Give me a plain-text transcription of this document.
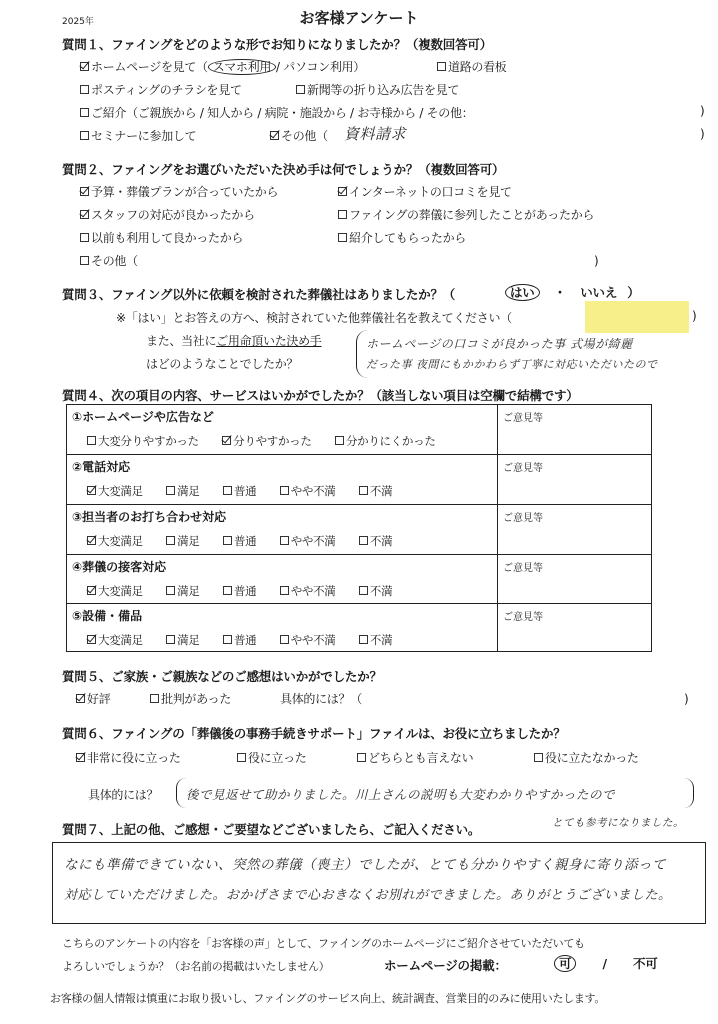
2025年	お客様アンケート
質問１、ファイングをどのような形でお知りになりましたか？（複数回答可）
ホームページを見て（ スマホ利用 / パソコン利用）	道路の看板
ポスティングのチラシを見て	新聞等の折り込み広告を見て
ご紹介（ご親族から / 知人から / 病院・施設から / お寺様から / その他：	)
セミナーに参加して	その他（ 資料請求	)
質問２、ファイングをお選びいただいた決め手は何でしょうか？（複数回答可）
予算・葬儀プランが合っていたから	インターネットの口コミを見て
スタッフの対応が良かったから	ファイングの葬儀に参列したことがあったから
以前も利用して良かったから	紹介してもらったから
その他（	)
質問３、ファイング以外に依頼を検討された葬儀社はありましたか？（	はい ・ いいえ ）
※「はい」とお答えの方へ、検討されていた他葬儀社名を教えてください（	)
また、当社にご用命頂いた決め手
はどのようなことでしたか？
ホームページの口コミが良かった事 式場が綺麗
だった事 夜間にもかかわらず丁寧に対応いただいたので
質問４、次の項目の内容、サービスはいかがでしたか？（該当しない項目は空欄で結構です）
①ホームページや広告など
大変分りやすかった	分りやすかった	分かりにくかった
ご意見等
②電話対応
大変満足	満足	普通	やや不満	不満
ご意見等
③担当者のお打ち合わせ対応
大変満足	満足	普通	やや不満	不満
ご意見等
④葬儀の接客対応
大変満足	満足	普通	やや不満	不満
ご意見等
⑤設備・備品
大変満足	満足	普通	やや不満	不満
ご意見等
質問５、ご家族・ご親族などのご感想はいかがでしたか？
好評	批判があった	具体的には？（	)
質問６、ファイングの「葬儀後の事務手続きサポート」ファイルは、お役に立ちましたか？
非常に役に立った	役に立った	どちらとも言えない	役に立たなかった
具体的には？ 後で見返せて助かりました。川上さんの説明も大変わかりやすかったので
とても参考になりました。
質問７、上記の他、ご感想・ご要望などございましたら、ご記入ください。
なにも準備できていない、突然の葬儀（喪主）でしたが、とても分かりやすく親身に寄り添って
対応していただけました。おかげさまで心おきなくお別れができました。ありがとうございました。
こちらのアンケートの内容を「お客様の声」として、ファイングのホームページにご紹介させていただいても
よろしいでしょうか？（お名前の掲載はいたしません）	ホームページの掲載：	可 / 不可
お客様の個人情報は慎重にお取り扱いし、ファイングのサービス向上、統計調査、営業目的のみに使用いたします。
